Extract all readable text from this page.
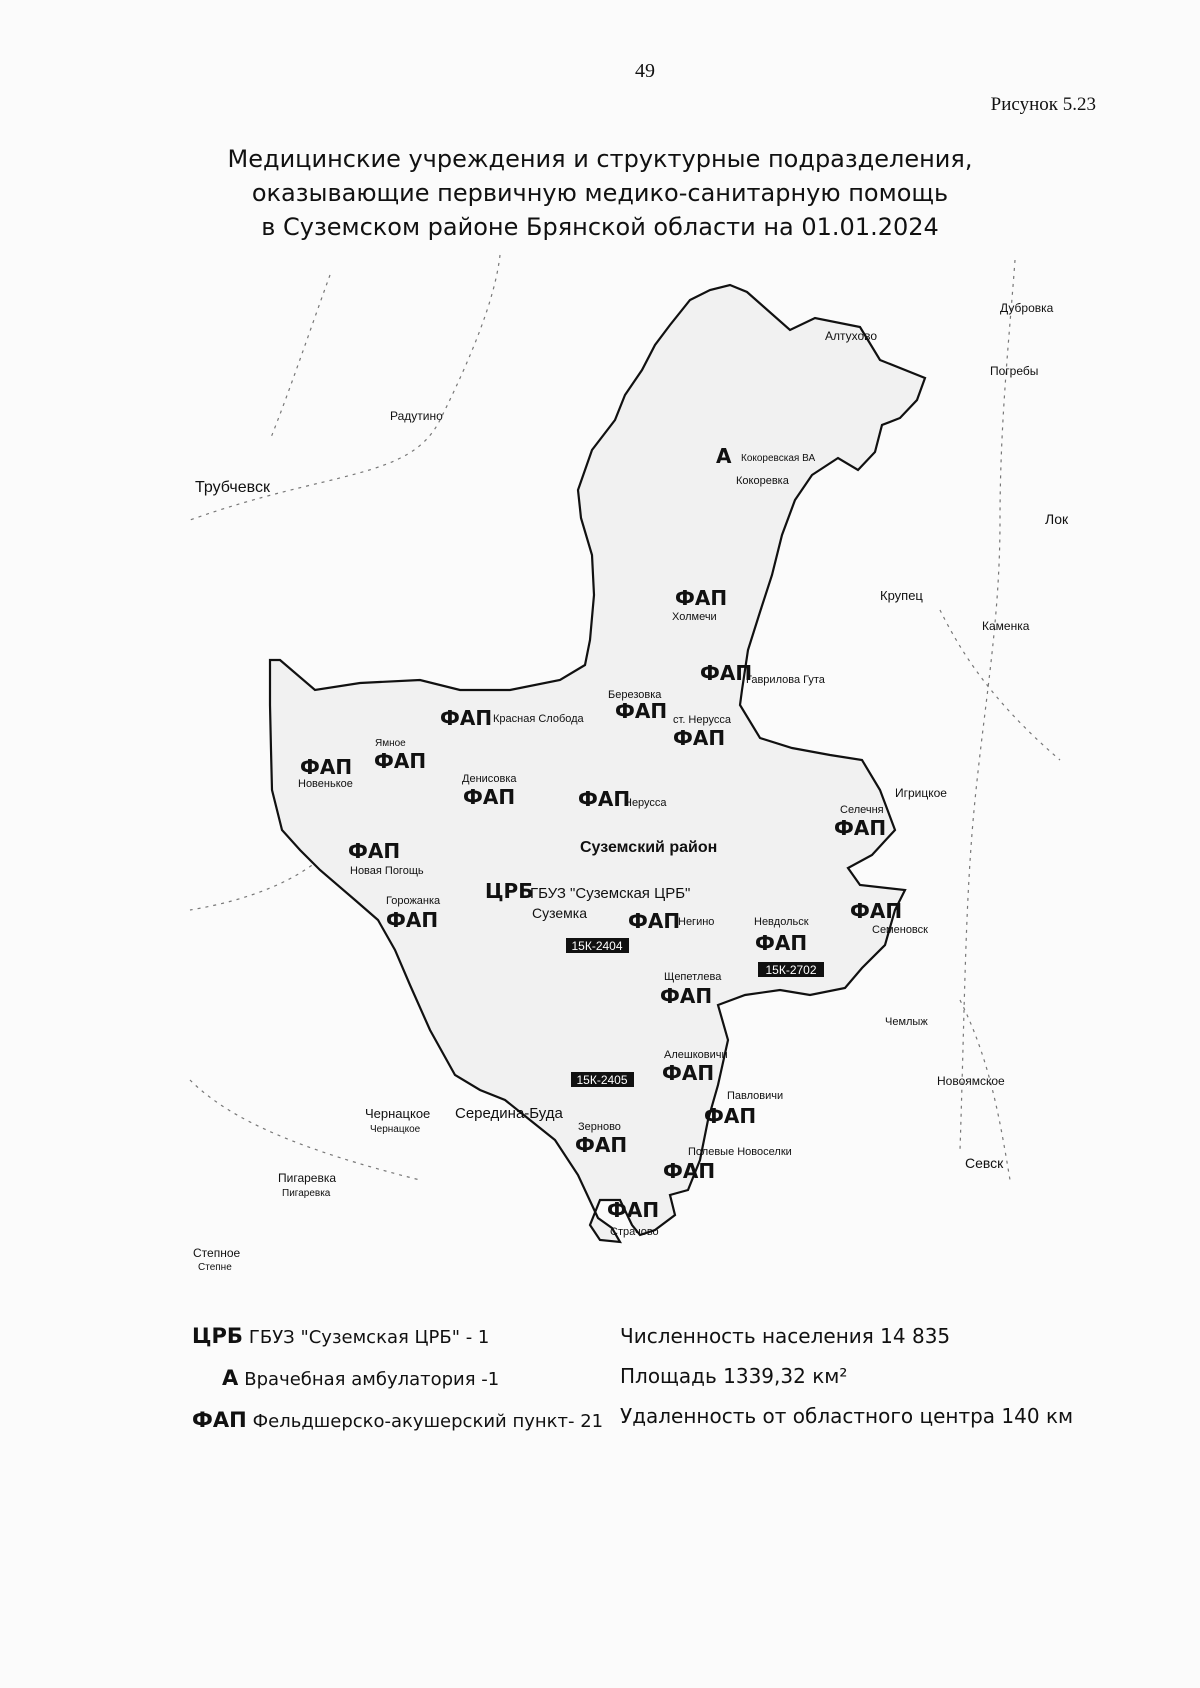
49
Рисунок 5.23
Медицинские учреждения и структурные подразделения,
оказывающие первичную медико-санитарную помощь
в Суземском районе Брянской области на 01.01.2024
15К-2404
15К-2702
15К-2405
Дубровка
Алтухово
Погребы
Радутино
Трубчевск
Лок
Крупец
Каменка
Игрицкое
Чемлыж
Новоямское
Севск
Чернацкое
Чернацкое
Середина-Буда
Пигаревка
Пигаревка
Степное
Степне
Суземский район
ЦРБ
ГБУЗ "Суземская ЦРБ"
Суземка
А Кокоревская ВА
Кокоревка
ФАП
Холмечи
ФАП
Гаврилова Гута
ФАП Красная Слобода
Березовка
ФАП ст. Нерусса
ФАП
Ямное
ФАП
ФАП
Новенькое	Денисовка
ФАП	ФАП
Нерусса
Селечня
ФАП
ФАП
Новая Погощь
Горожанка
ФАП	ФАП
Негино	Невдольск
ФАП
ФАП
Семеновск
Щепетлева
ФАП
Алешковичи
ФАП
Павловичи
ФАП
Зерново
ФАП	Полевые Новоселки
ФАП
ФАП
Страчово
ЦРБ ГБУЗ "Суземская ЦРБ" - 1
А Врачебная амбулатория -1
ФАП Фельдшерско-акушерский пункт- 21
Численность населения 14 835
Площадь 1339,32 км²
Удаленность от областного центра 140 км
